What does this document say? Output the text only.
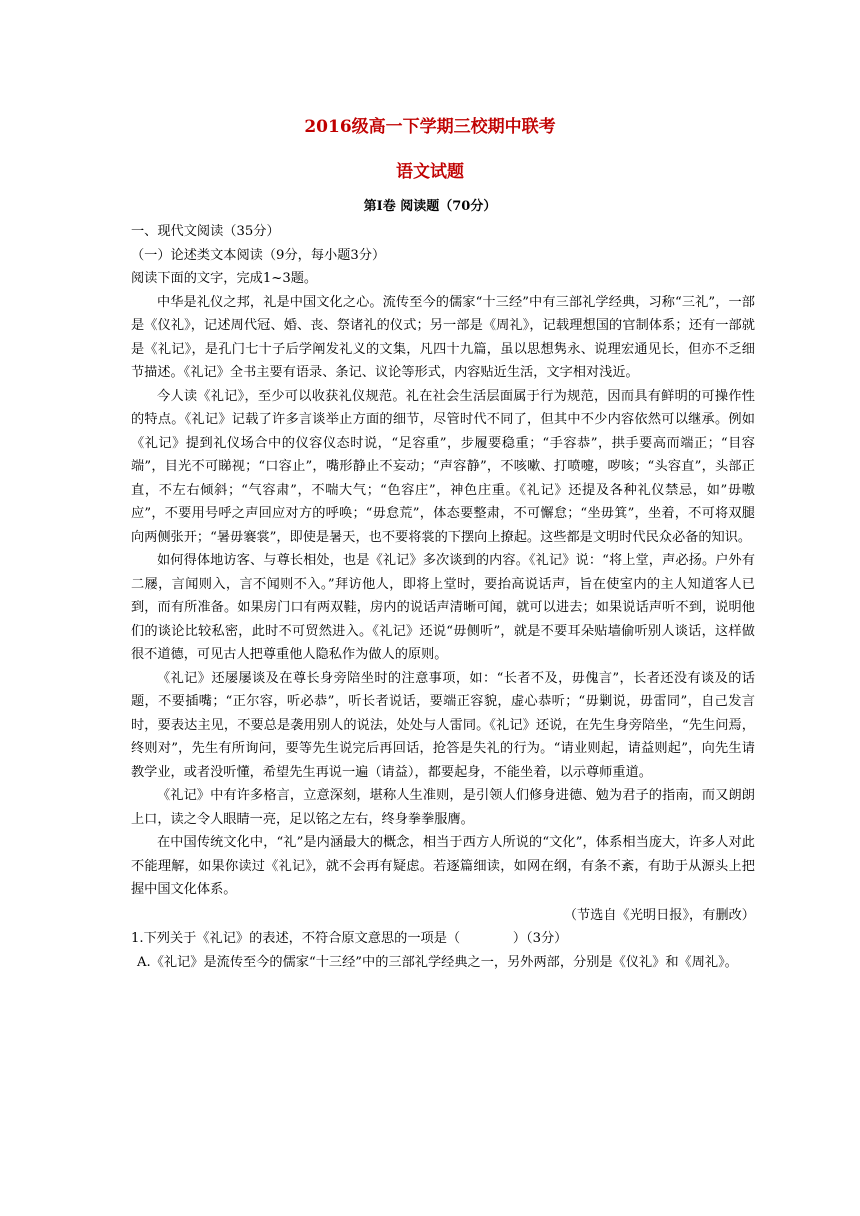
2016级高一下学期三校期中联考
语文试题
第Ⅰ卷 阅读题（70分）

一、现代文阅读（35分）

（一）论述类文本阅读（9分，每小题3分）

阅读下面的文字，完成1~3题。

中华是礼仪之邦，礼是中国文化之心。流传至今的儒家“十三经”中有三部礼学经典，习称“三礼”，一部是《仪礼》，记述周代冠、婚、丧、祭诸礼的仪式；另一部是《周礼》，记载理想国的官制体系；还有一部就是《礼记》，是孔门七十子后学阐发礼义的文集，凡四十九篇，虽以思想隽永、说理宏通见长，但亦不乏细节描述。《礼记》全书主要有语录、条记、议论等形式，内容贴近生活，文字相对浅近。

今人读《礼记》，至少可以收获礼仪规范。礼在社会生活层面属于行为规范，因而具有鲜明的可操作性的特点。《礼记》记载了许多言谈举止方面的细节，尽管时代不同了，但其中不少内容依然可以继承。例如《礼记》提到礼仪场合中的仪容仪态时说，“足容重”，步履要稳重；“手容恭”，拱手要高而端正；“目容端”，目光不可睇视；“口容止”，嘴形静止不妄动；“声容静”，不咳嗽、打喷嚏，哕咳；“头容直”，头部正直，不左右倾斜；“气容肃”，不喘大气；“色容庄”，神色庄重。《礼记》还提及各种礼仪禁忌，如”毋嗷应”，不要用号呼之声回应对方的呼唤；“毋怠荒”，体态要整肃，不可懈怠；“坐毋箕”，坐着，不可将双腿向两侧张开；“暑毋褰裳”，即使是暑天，也不要将裳的下摆向上撩起。这些都是文明时代民众必备的知识。

如何得体地访客、与尊长相处，也是《礼记》多次谈到的内容。《礼记》说：“将上堂，声必扬。户外有二屦，言闻则入，言不闻则不入。”拜访他人，即将上堂时，要抬高说话声，旨在使室内的主人知道客人已到，而有所准备。如果房门口有两双鞋，房内的说话声清晰可闻，就可以进去；如果说话声听不到，说明他们的谈论比较私密，此时不可贸然进入。《礼记》还说“毋侧听”，就是不要耳朵贴墙偷听别人谈话，这样做很不道德，可见古人把尊重他人隐私作为做人的原则。

《礼记》还屡屡谈及在尊长身旁陪坐时的注意事项，如：“长者不及，毋傀言”，长者还没有谈及的话题，不要插嘴；“正尔容，听必恭”，听长者说话，要端正容貌，虚心恭听；“毋剿说，毋雷同”，自己发言时，要表达主见，不要总是袭用别人的说法，处处与人雷同。《礼记》还说，在先生身旁陪坐，“先生问焉，终则对”，先生有所询问，要等先生说完后再回话，抢答是失礼的行为。“请业则起，请益则起”，向先生请教学业，或者没听懂，希望先生再说一遍（请益），都要起身，不能坐着，以示尊师重道。

《礼记》中有许多格言，立意深刻，堪称人生准则，是引领人们修身进德、勉为君子的指南，而又朗朗上口，读之令人眼睛一亮，足以铭之左右，终身拳拳服膺。

在中国传统文化中，“礼”是内涵最大的概念，相当于西方人所说的“文化”，体系相当庞大，许多人对此不能理解，如果你读过《礼记》，就不会再有疑虑。若逐篇细读，如网在纲，有条不紊，有助于从源头上把握中国文化体系。

（节选自《光明日报》，有删改）

1.下列关于《礼记》的表述，不符合原文意思的一项是（　　　　）（3分）

A.《礼记》是流传至今的儒家“十三经”中的三部礼学经典之一，另外两部，分别是《仪礼》和《周礼》。
